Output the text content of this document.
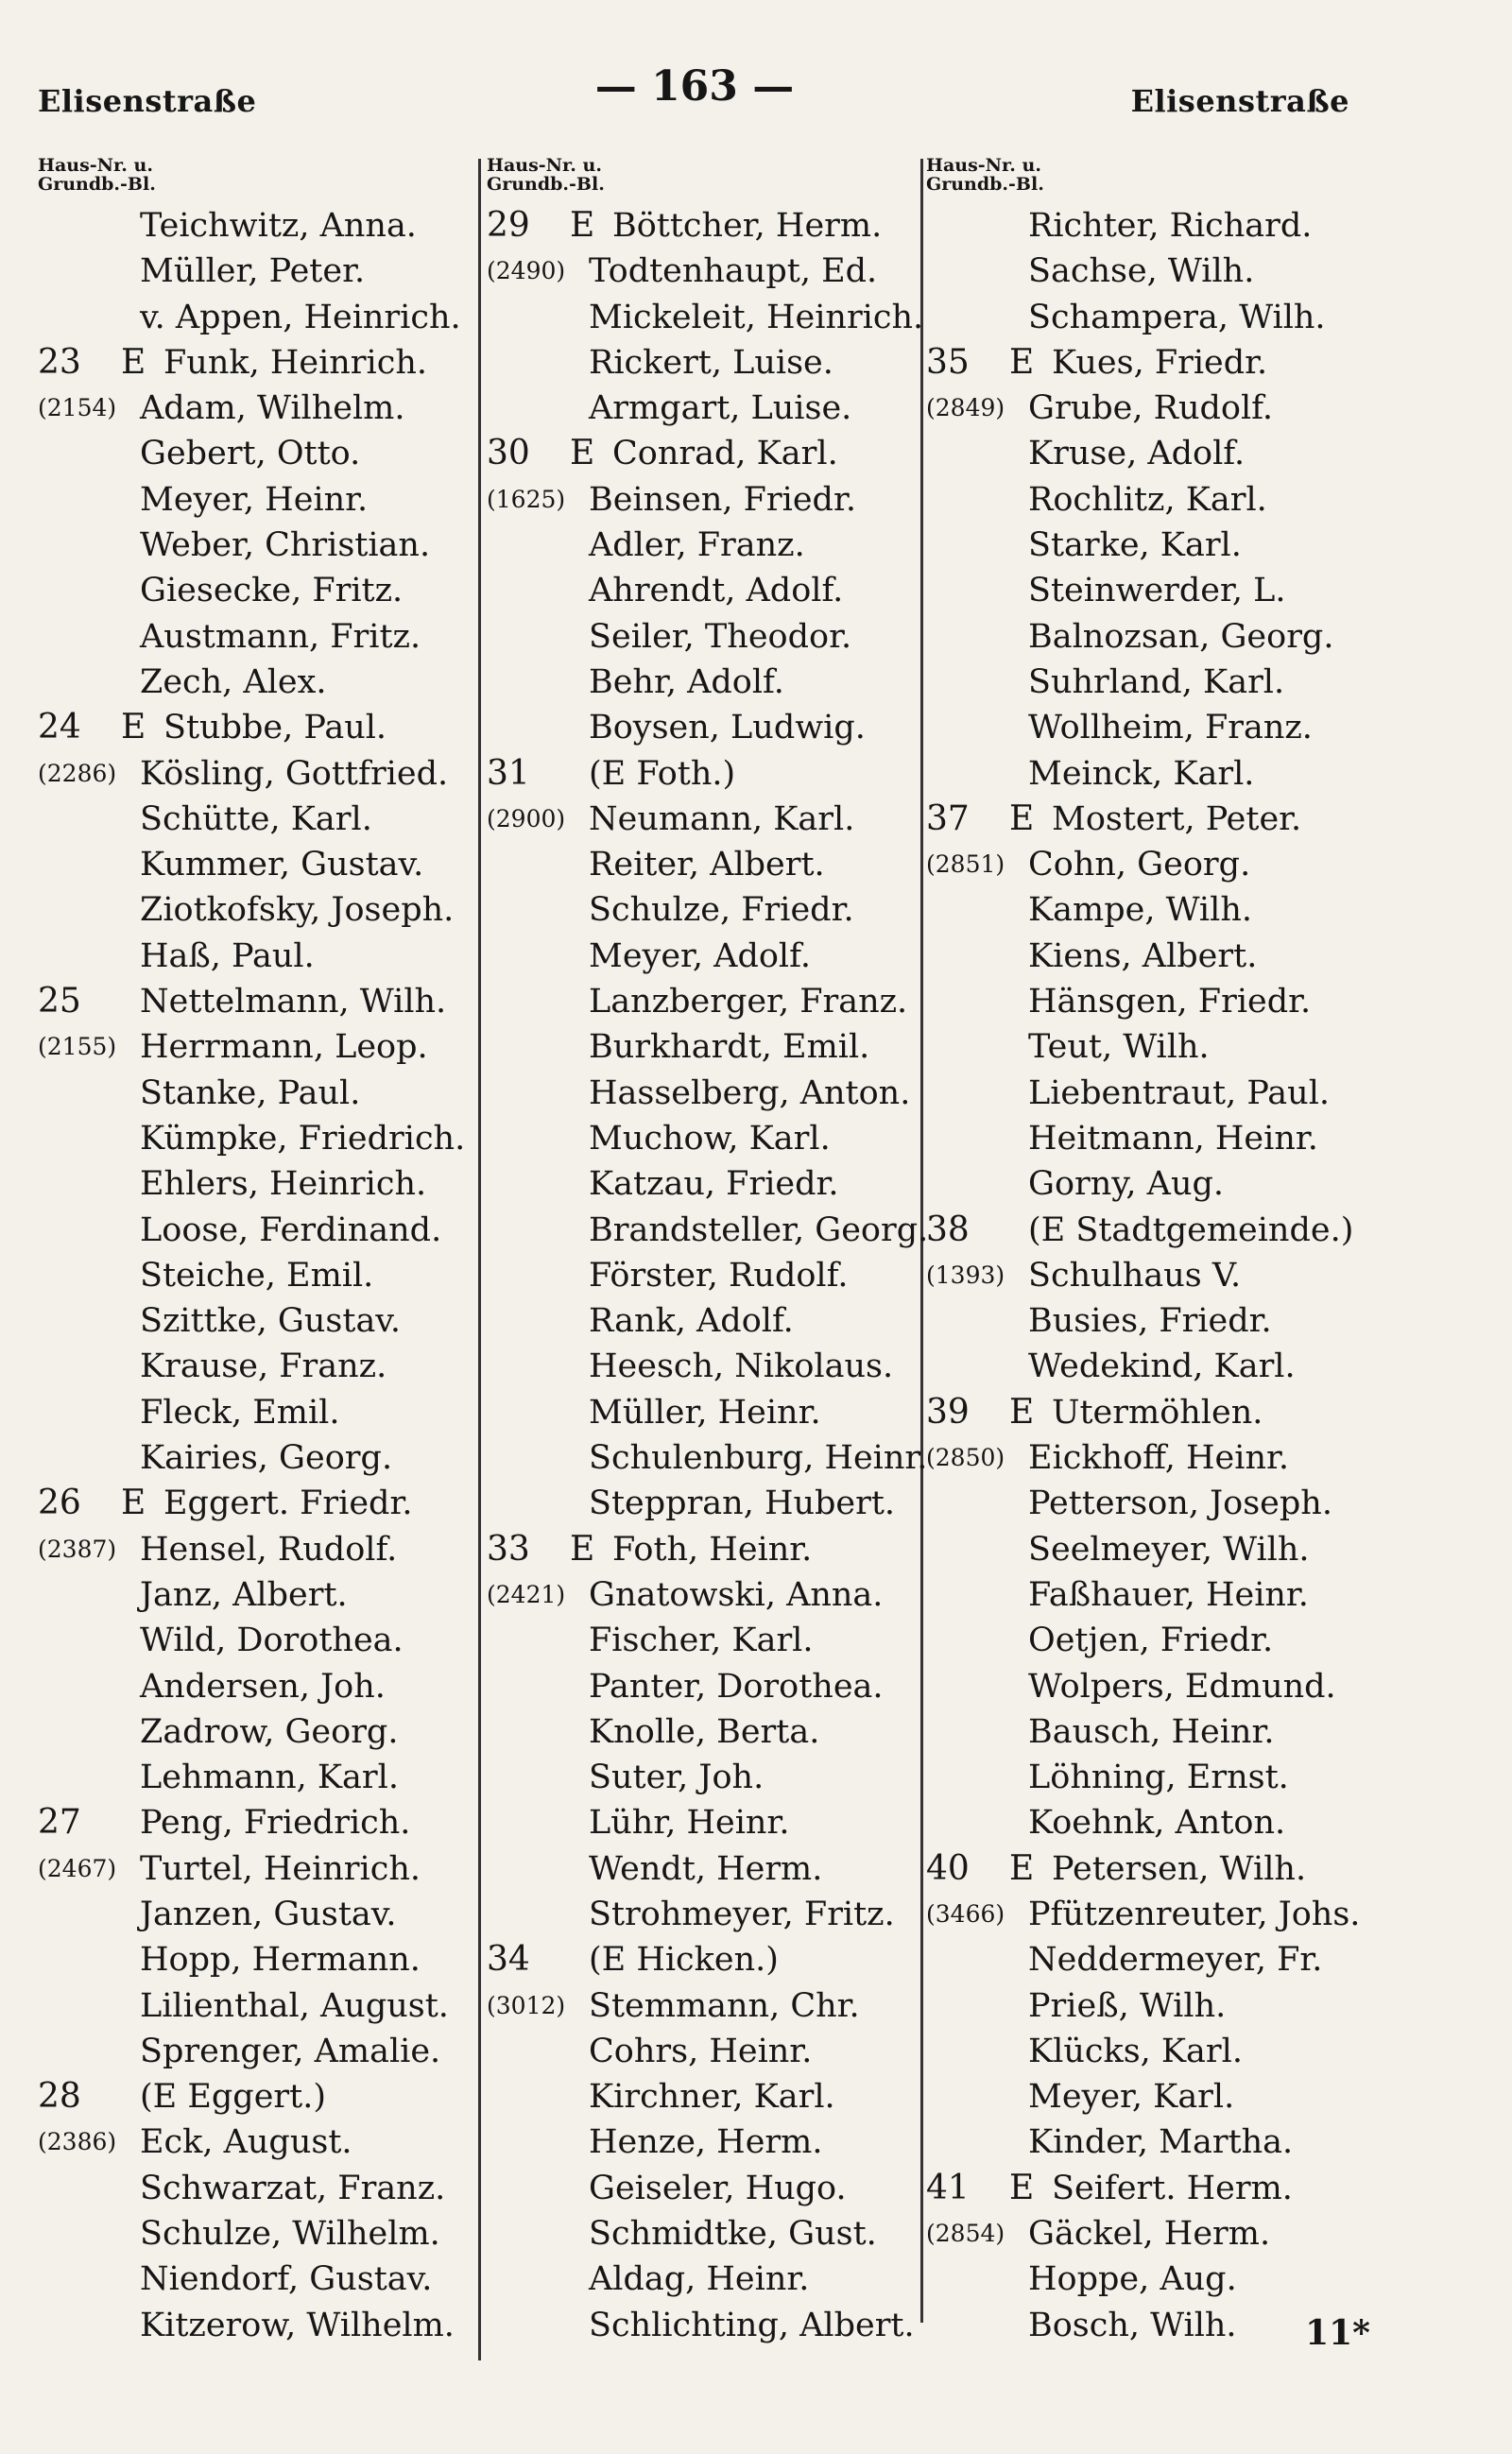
Elisenstraße	— 163 —	Elisenstraße
Haus-Nr. u.
Grundb.-Bl.
Teichwitz, Anna.
Müller, Peter.
v. Appen, Heinrich.
23 E Funk, Heinrich.
(2154) Adam, Wilhelm.
Gebert, Otto.
Meyer, Heinr.
Weber, Christian.
Giesecke, Fritz.
Austmann, Fritz.
Zech, Alex.
24 E Stubbe, Paul.
(2286) Kösling, Gottfried.
Schütte, Karl.
Kummer, Gustav.
Ziotkofsky, Joseph.
Haß, Paul.
25 Nettelmann, Wilh.
(2155) Herrmann, Leop.
Stanke, Paul.
Kümpke, Friedrich.
Ehlers, Heinrich.
Loose, Ferdinand.
Steiche, Emil.
Szittke, Gustav.
Krause, Franz.
Fleck, Emil.
Kairies, Georg.
26 E Eggert. Friedr.
(2387) Hensel, Rudolf.
Janz, Albert.
Wild, Dorothea.
Andersen, Joh.
Zadrow, Georg.
Lehmann, Karl.
27 Peng, Friedrich.
(2467) Turtel, Heinrich.
Janzen, Gustav.
Hopp, Hermann.
Lilienthal, August.
Sprenger, Amalie.
28 (E Eggert.)
(2386) Eck, August.
Schwarzat, Franz.
Schulze, Wilhelm.
Niendorf, Gustav.
Kitzerow, Wilhelm.
Haus-Nr. u.
Grundb.-Bl.
29 E Böttcher, Herm.
(2490) Todtenhaupt, Ed.
Mickeleit, Heinrich.
Rickert, Luise.
Armgart, Luise.
30 E Conrad, Karl.
(1625) Beinsen, Friedr.
Adler, Franz.
Ahrendt, Adolf.
Seiler, Theodor.
Behr, Adolf.
Boysen, Ludwig.
31 (E Foth.)
(2900) Neumann, Karl.
Reiter, Albert.
Schulze, Friedr.
Meyer, Adolf.
Lanzberger, Franz.
Burkhardt, Emil.
Hasselberg, Anton.
Muchow, Karl.
Katzau, Friedr.
Brandsteller, Georg.
Förster, Rudolf.
Rank, Adolf.
Heesch, Nikolaus.
Müller, Heinr.
Schulenburg, Heinr.
Steppran, Hubert.
33 E Foth, Heinr.
(2421) Gnatowski, Anna.
Fischer, Karl.
Panter, Dorothea.
Knolle, Berta.
Suter, Joh.
Lühr, Heinr.
Wendt, Herm.
Strohmeyer, Fritz.
34 (E Hicken.)
(3012) Stemmann, Chr.
Cohrs, Heinr.
Kirchner, Karl.
Henze, Herm.
Geiseler, Hugo.
Schmidtke, Gust.
Aldag, Heinr.
Schlichting, Albert.
Haus-Nr. u.
Grundb.-Bl.
Richter, Richard.
Sachse, Wilh.
Schampera, Wilh.
35 E Kues, Friedr.
(2849) Grube, Rudolf.
Kruse, Adolf.
Rochlitz, Karl.
Starke, Karl.
Steinwerder, L.
Balnozsan, Georg.
Suhrland, Karl.
Wollheim, Franz.
Meinck, Karl.
37 E Mostert, Peter.
(2851) Cohn, Georg.
Kampe, Wilh.
Kiens, Albert.
Hänsgen, Friedr.
Teut, Wilh.
Liebentraut, Paul.
Heitmann, Heinr.
Gorny, Aug.
38 (E Stadtgemeinde.)
(1393) Schulhaus V.
Busies, Friedr.
Wedekind, Karl.
39 E Utermöhlen.
(2850) Eickhoff, Heinr.
Petterson, Joseph.
Seelmeyer, Wilh.
Faßhauer, Heinr.
Oetjen, Friedr.
Wolpers, Edmund.
Bausch, Heinr.
Löhning, Ernst.
Koehnk, Anton.
40 E Petersen, Wilh.
(3466) Pfützenreuter, Johs.
Neddermeyer, Fr.
Prieß, Wilh.
Klücks, Karl.
Meyer, Karl.
Kinder, Martha.
41 E Seifert. Herm.
(2854) Gäckel, Herm.
Hoppe, Aug.
Bosch, Wilh. 11*
